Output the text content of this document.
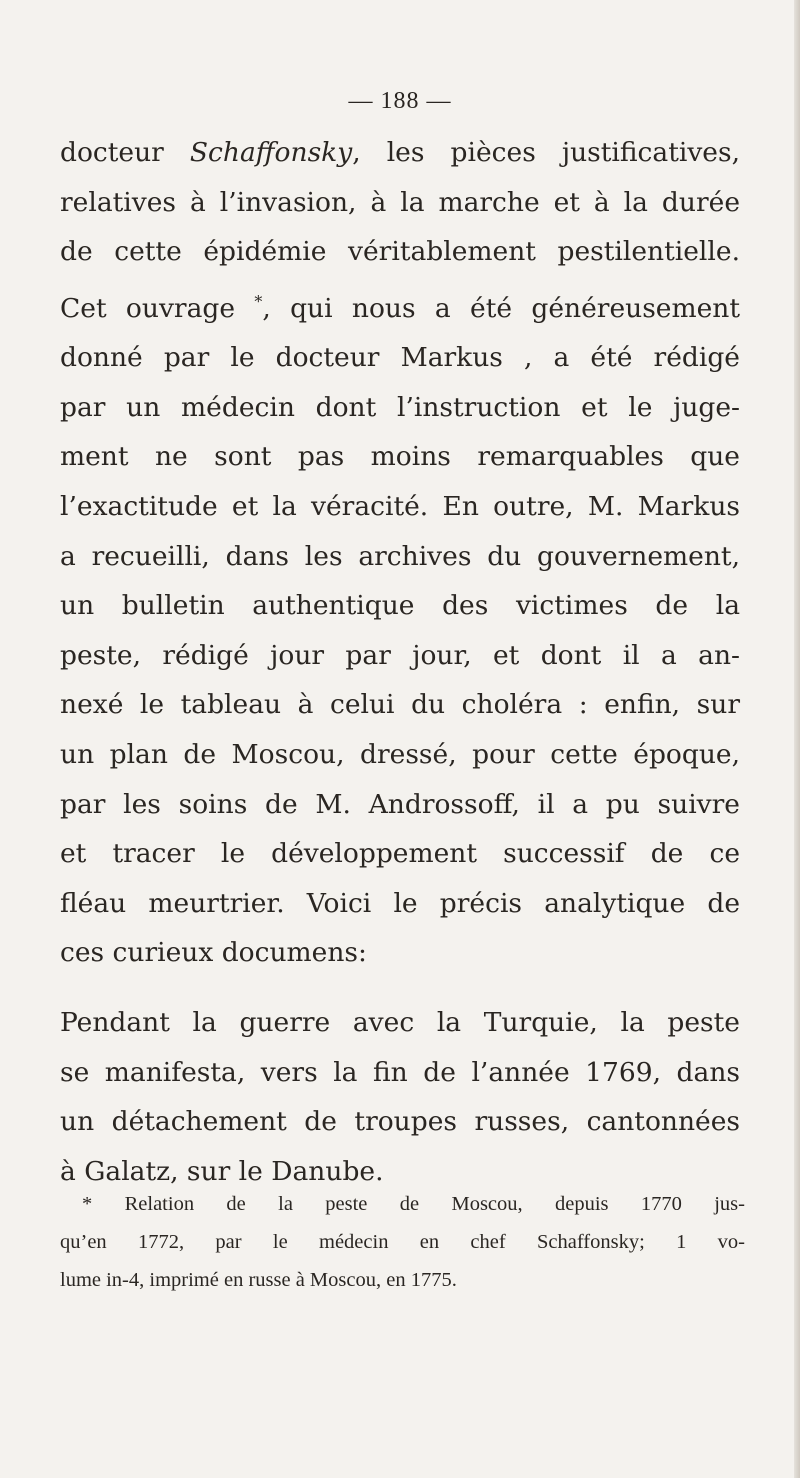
— 188 —

docteur Schaffonsky, les pièces justificatives,
relatives à l’invasion, à la marche et à la durée
de cette épidémie véritablement pestilentielle.
Cet ouvrage *, qui nous a été généreusement
donné par le docteur Markus , a été rédigé
par un médecin dont l’instruction et le juge-
ment ne sont pas moins remarquables que
l’exactitude et la véracité. En outre, M. Markus
a recueilli, dans les archives du gouvernement,
un bulletin authentique des victimes de la
peste, rédigé jour par jour, et dont il a an-
nexé le tableau à celui du choléra : enfin, sur
un plan de Moscou, dressé, pour cette époque,
par les soins de M. Androssoff, il a pu suivre
et tracer le développement successif de ce
fléau meurtrier. Voici le précis analytique de
ces curieux documens:

Pendant la guerre avec la Turquie, la peste
se manifesta, vers la fin de l’année 1769, dans
un détachement de troupes russes, cantonnées
à Galatz, sur le Danube.

* Relation de la peste de Moscou, depuis 1770 jus-
qu’en 1772, par le médecin en chef Schaffonsky; 1 vo-
lume in-4, imprimé en russe à Moscou, en 1775.
